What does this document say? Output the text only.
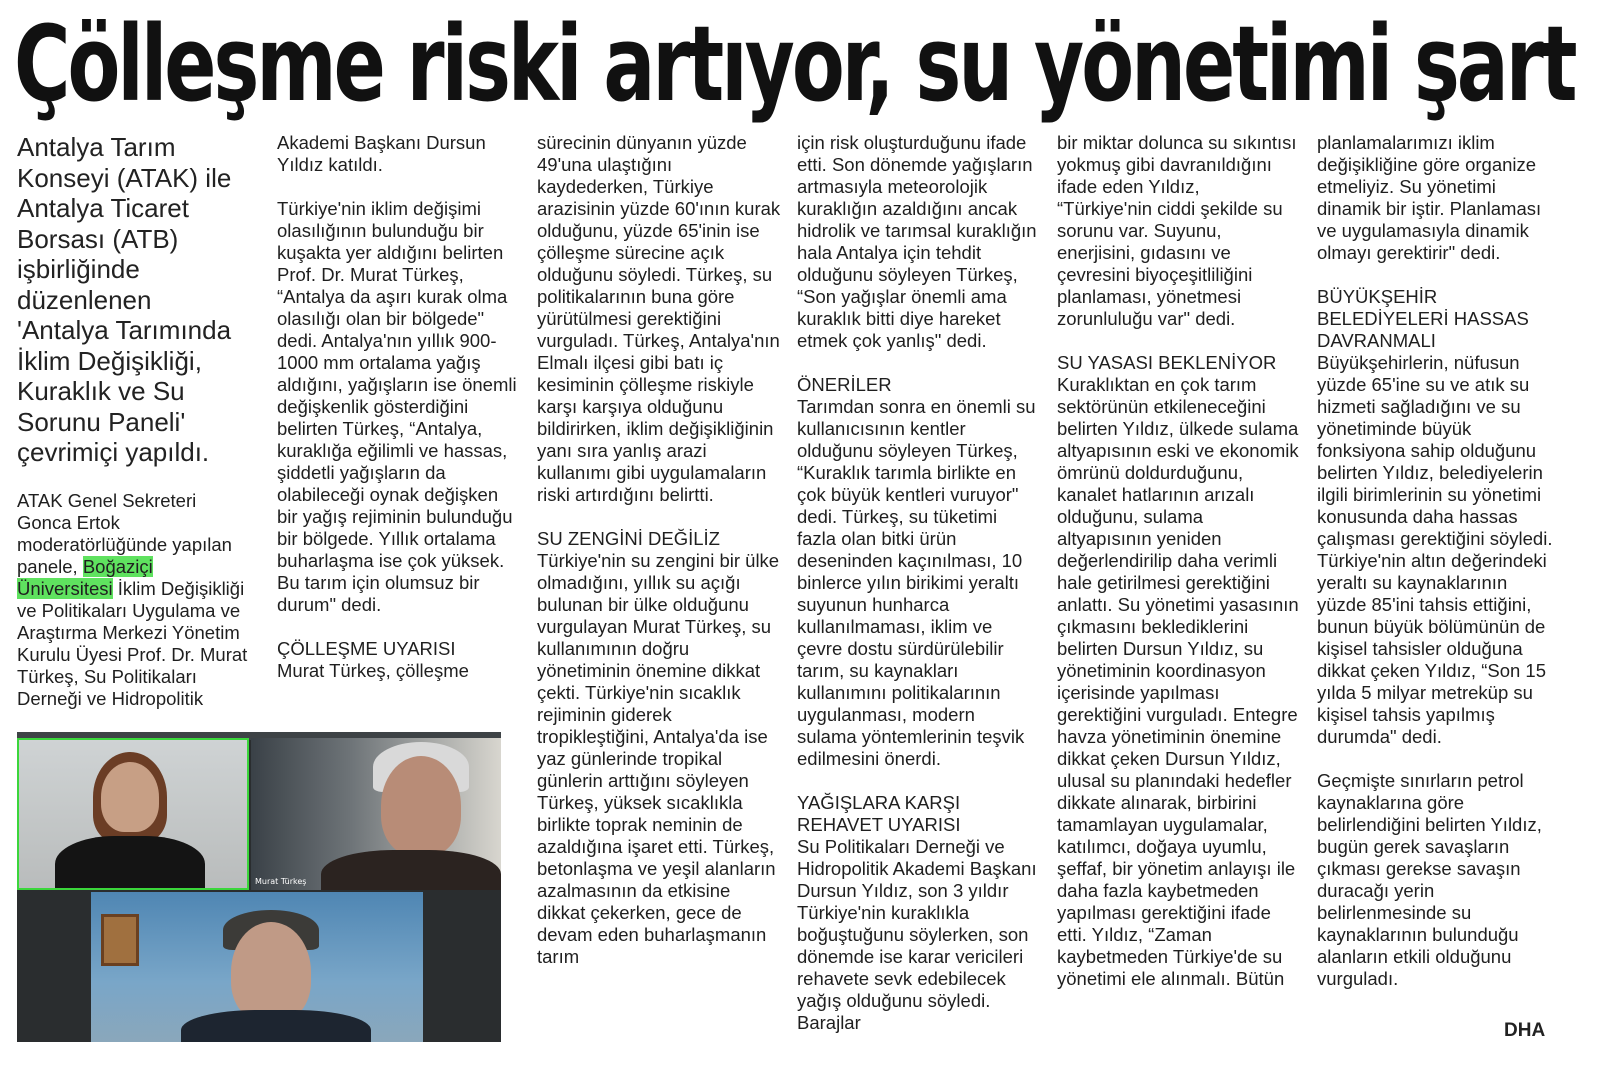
Çölleşme riski artıyor, su yönetimi şart
Antalya Tarım Konseyi (ATAK) ile Antalya Ticaret Borsası (ATB) işbirliğinde düzenlenen 'Antalya Tarımında İklim Değişikliği, Kuraklık ve Su Sorunu Paneli' çevrimiçi yapıldı.

ATAK Genel Sekreteri Gonca Ertok moderatörlüğünde yapılan panele, Boğaziçi Üniversitesi İklim Değişikliği ve Politikaları Uygulama ve Araştırma Merkezi Yönetim Kurulu Üyesi Prof. Dr. Murat Türkeş, Su Politikaları Derneği ve Hidropolitik

Akademi Başkanı Dursun Yıldız katıldı.

Türkiye'nin iklim değişimi olasılığının bulunduğu bir kuşakta yer aldığını belirten Prof. Dr. Murat Türkeş, “Antalya da aşırı kurak olma olasılığı olan bir bölgede" dedi. Antalya'nın yıllık 900-1000 mm ortalama yağış aldığını, yağışların ise önemli değişkenlik gösterdiğini belirten Türkeş, “Antalya, kuraklığa eğilimli ve hassas, şiddetli yağışların da olabileceği oynak değişken bir yağış rejiminin bulunduğu bir bölgede. Yıllık ortalama buharlaşma ise çok yüksek. Bu tarım için olumsuz bir durum" dedi.

ÇÖLLEŞME UYARISI

Murat Türkeş, çölleşme

sürecinin dünyanın yüzde 49'una ulaştığını kaydederken, Türkiye arazisinin yüzde 60'ının kurak olduğunu, yüzde 65'inin ise çölleşme sürecine açık olduğunu söyledi. Türkeş, su politikalarının buna göre yürütülmesi gerektiğini vurguladı. Türkeş, Antalya'nın Elmalı ilçesi gibi batı iç kesiminin çölleşme riskiyle karşı karşıya olduğunu bildirirken, iklim değişikliğinin yanı sıra yanlış arazi kullanımı gibi uygulamaların riski artırdığını belirtti.

SU ZENGİNİ DEĞİLİZ

Türkiye'nin su zengini bir ülke olmadığını, yıllık su açığı bulunan bir ülke olduğunu vurgulayan Murat Türkeş, su kullanımının doğru yönetiminin önemine dikkat çekti. Türkiye'nin sıcaklık rejiminin giderek tropikleştiğini, Antalya'da ise yaz günlerinde tropikal günlerin arttığını söyleyen Türkeş, yüksek sıcaklıkla birlikte toprak neminin de azaldığına işaret etti. Türkeş, betonlaşma ve yeşil alanların azalmasının da etkisine dikkat çekerken, gece de devam eden buharlaşmanın tarım

için risk oluşturduğunu ifade etti. Son dönemde yağışların artmasıyla meteorolojik kuraklığın azaldığını ancak hidrolik ve tarımsal kuraklığın hala Antalya için tehdit olduğunu söyleyen Türkeş, “Son yağışlar önemli ama kuraklık bitti diye hareket etmek çok yanlış" dedi.

ÖNERİLER

Tarımdan sonra en önemli su kullanıcısının kentler olduğunu söyleyen Türkeş, “Kuraklık tarımla birlikte en çok büyük kentleri vuruyor" dedi. Türkeş, su tüketimi fazla olan bitki ürün deseninden kaçınılması, 10 binlerce yılın birikimi yeraltı suyunun hunharca kullanılmaması, iklim ve çevre dostu sürdürülebilir tarım, su kaynakları kullanımını politikalarının uygulanması, modern sulama yöntemlerinin teşvik edilmesini önerdi.

YAĞIŞLARA KARŞI REHAVET UYARISI

Su Politikaları Derneği ve Hidropolitik Akademi Başkanı Dursun Yıldız, son 3 yıldır Türkiye'nin kuraklıkla boğuştuğunu söylerken, son dönemde ise karar vericileri rehavete sevk edebilecek yağış olduğunu söyledi. Barajlar

bir miktar dolunca su sıkıntısı yokmuş gibi davranıldığını ifade eden Yıldız, “Türkiye'nin ciddi şekilde su sorunu var. Suyunu, enerjisini, gıdasını ve çevresini biyoçeşitliliğini planlaması, yönetmesi zorunluluğu var" dedi.

SU YASASI BEKLENİYOR

Kuraklıktan en çok tarım sektörünün etkileneceğini belirten Yıldız, ülkede sulama altyapısının eski ve ekonomik ömrünü doldurduğunu, kanalet hatlarının arızalı olduğunu, sulama altyapısının yeniden değerlendirilip daha verimli hale getirilmesi gerektiğini anlattı. Su yönetimi yasasının çıkmasını beklediklerini belirten Dursun Yıldız, su yönetiminin koordinasyon içerisinde yapılması gerektiğini vurguladı. Entegre havza yönetiminin önemine dikkat çeken Dursun Yıldız, ulusal su planındaki hedefler dikkate alınarak, birbirini tamamlayan uygulamalar, katılımcı, doğaya uyumlu, şeffaf, bir yönetim anlayışı ile daha fazla kaybetmeden yapılması gerektiğini ifade etti. Yıldız, “Zaman kaybetmeden Türkiye'de su yönetimi ele alınmalı. Bütün

planlamalarımızı iklim değişikliğine göre organize etmeliyiz. Su yönetimi dinamik bir iştir. Planlaması ve uygulamasıyla dinamik olmayı gerektirir" dedi.

BÜYÜKŞEHİR BELEDİYELERİ HASSAS DAVRANMALI

Büyükşehirlerin, nüfusun yüzde 65'ine su ve atık su hizmeti sağladığını ve su yönetiminde büyük fonksiyona sahip olduğunu belirten Yıldız, belediyelerin ilgili birimlerinin su yönetimi konusunda daha hassas çalışması gerektiğini söyledi. Türkiye'nin altın değerindeki yeraltı su kaynaklarının yüzde 85'ini tahsis ettiğini, bunun büyük bölümünün de kişisel tahsisler olduğuna dikkat çeken Yıldız, “Son 15 yılda 5 milyar metreküp su kişisel tahsis yapılmış durumda" dedi.

Geçmişte sınırların petrol kaynaklarına göre belirlendiğini belirten Yıldız, bugün gerek savaşların çıkması gerekse savaşın duracağı yerin belirlenmesinde su kaynaklarının bulunduğu alanların etkili olduğunu vurguladı.

Murat Türkeş
DHA
